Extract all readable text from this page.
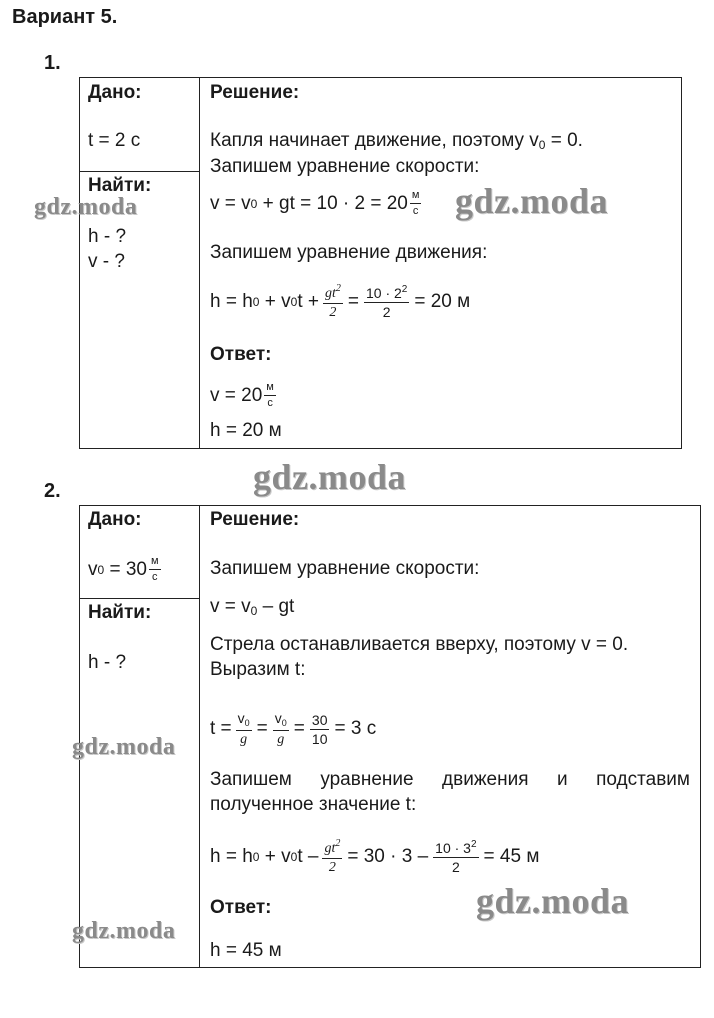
Вариант 5.
1.
Дано:
t = 2 с
Найти:
h - ?
v - ?
Решение:
Капля начинает движение, поэтому $v_0 = 0$.
Запишем уравнение скорости:
v = v 0 + gt = $10 \cdot 2 = 20 \frac{м}{с}$
Запишем уравнение движения:
h = h 0 + v 0 $t + \frac{gt^2}{2} = \frac{10 \cdot 2^2}{2} = 20$ м
Ответ:
$v = 20 \frac{м}{с}$
h = 20 м
2.
Дано:
v $0 = 30 \frac{м}{с}$
Найти:
h - ?
Решение:
Запишем уравнение скорости:
$v = v_0$ – gt
Стрела останавливается вверху, поэтому v = 0.
Выразим t:
$t = \frac{v_0}{g} = \frac{v_0}{g} = \frac{30}{10} = 3$ с
Запишем уравнение движения и подставим
полученное значение t:
h = h 0 + v 0 $t - \frac{gt^2}{2} = 30 \cdot 3 - \frac{10 \cdot 3^2}{2} = 45$ м
Ответ:
h = 45 м
gdz.moda	gdz.moda
gdz.moda
gdz.moda
gdz.moda
gdz.moda
